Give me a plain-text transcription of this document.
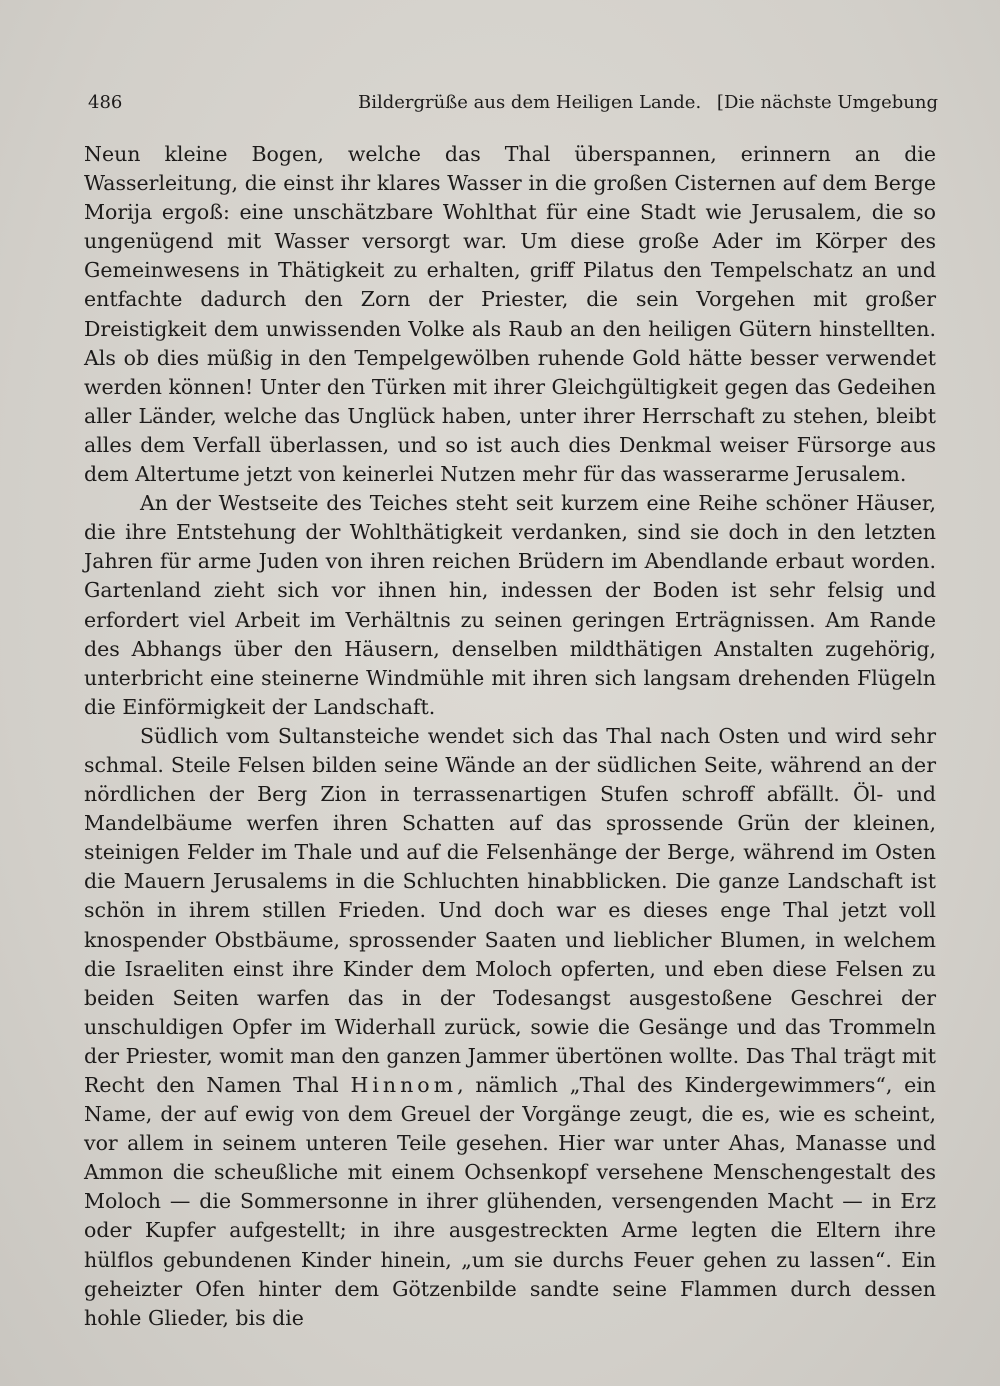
486	Bildergrüße aus dem Heiligen Lande. [Die nächste Umgebung

Neun kleine Bogen, welche das Thal überspannen, erinnern an die Wasserleitung, die einst ihr klares Wasser in die großen Cisternen auf dem Berge Morija ergoß: eine unschätzbare Wohlthat für eine Stadt wie Jerusalem, die so ungenügend mit Wasser versorgt war. Um diese große Ader im Körper des Gemeinwesens in Thätigkeit zu erhalten, griff Pilatus den Tempelschatz an und entfachte dadurch den Zorn der Priester, die sein Vorgehen mit großer Dreistigkeit dem unwissenden Volke als Raub an den heiligen Gütern hinstellten. Als ob dies müßig in den Tempelgewölben ruhende Gold hätte besser verwendet werden können! Unter den Türken mit ihrer Gleichgültigkeit gegen das Gedeihen aller Länder, welche das Unglück haben, unter ihrer Herrschaft zu stehen, bleibt alles dem Verfall überlassen, und so ist auch dies Denkmal weiser Fürsorge aus dem Altertume jetzt von keinerlei Nutzen mehr für das wasserarme Jerusalem.

An der Westseite des Teiches steht seit kurzem eine Reihe schöner Häuser, die ihre Entstehung der Wohlthätigkeit verdanken, sind sie doch in den letzten Jahren für arme Juden von ihren reichen Brüdern im Abendlande erbaut worden. Gartenland zieht sich vor ihnen hin, indessen der Boden ist sehr felsig und erfordert viel Arbeit im Verhältnis zu seinen geringen Erträgnissen. Am Rande des Abhangs über den Häusern, denselben mildthätigen Anstalten zugehörig, unterbricht eine steinerne Windmühle mit ihren sich langsam drehenden Flügeln die Einförmigkeit der Landschaft.

Südlich vom Sultansteiche wendet sich das Thal nach Osten und wird sehr schmal. Steile Felsen bilden seine Wände an der südlichen Seite, während an der nördlichen der Berg Zion in terrassenartigen Stufen schroff abfällt. Öl- und Mandelbäume werfen ihren Schatten auf das sprossende Grün der kleinen, steinigen Felder im Thale und auf die Felsenhänge der Berge, während im Osten die Mauern Jerusalems in die Schluchten hinabblicken. Die ganze Landschaft ist schön in ihrem stillen Frieden. Und doch war es dieses enge Thal jetzt voll knospender Obstbäume, sprossender Saaten und lieblicher Blumen, in welchem die Israeliten einst ihre Kinder dem Moloch opferten, und eben diese Felsen zu beiden Seiten warfen das in der Todesangst ausgestoßene Geschrei der unschuldigen Opfer im Widerhall zurück, sowie die Gesänge und das Trommeln der Priester, womit man den ganzen Jammer übertönen wollte. Das Thal trägt mit Recht den Namen Thal Hinnom, nämlich „Thal des Kindergewimmers“, ein Name, der auf ewig von dem Greuel der Vorgänge zeugt, die es, wie es scheint, vor allem in seinem unteren Teile gesehen. Hier war unter Ahas, Manasse und Ammon die scheußliche mit einem Ochsenkopf versehene Menschengestalt des Moloch — die Sommersonne in ihrer glühenden, versengenden Macht — in Erz oder Kupfer aufgestellt; in ihre ausgestreckten Arme legten die Eltern ihre hülflos gebundenen Kinder hinein, „um sie durchs Feuer gehen zu lassen“. Ein geheizter Ofen hinter dem Götzenbilde sandte seine Flammen durch dessen hohle Glieder, bis die
